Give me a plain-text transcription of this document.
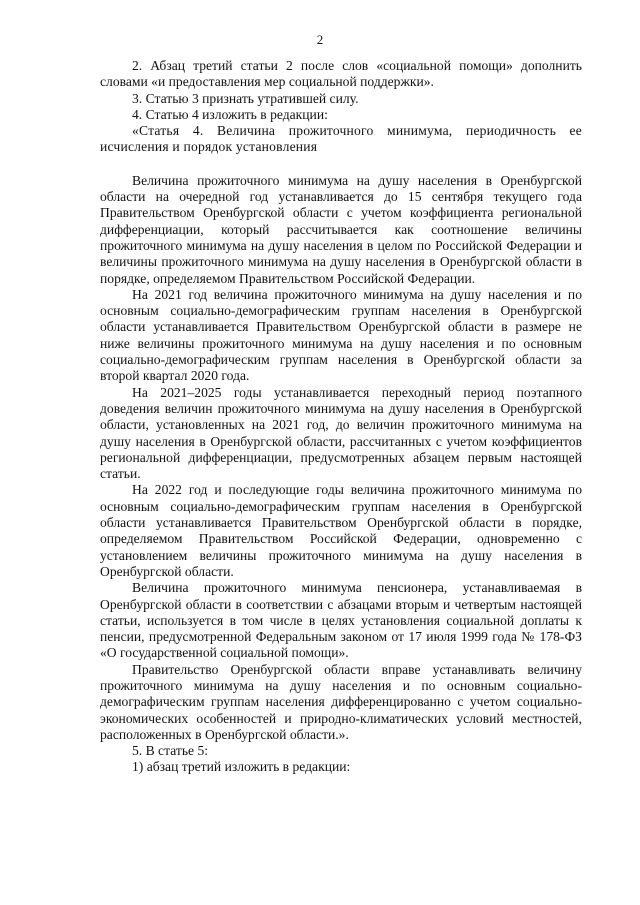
2

2. Абзац третий статьи 2 после слов «социальной помощи» дополнить словами «и предоставления мер социальной поддержки».

3. Статью 3 признать утратившей силу.

4. Статью 4 изложить в редакции:

«Статья 4. Величина прожиточного минимума, периодичность ее исчисления и порядок установления

Величина прожиточного минимума на душу населения в Оренбургской области на очередной год устанавливается до 15 сентября текущего года Правительством Оренбургской области с учетом коэффициента региональной дифференциации, который рассчитывается как соотношение величины прожиточного минимума на душу населения в целом по Российской Федерации и величины прожиточного минимума на душу населения в Оренбургской области в порядке, определяемом Правительством Российской Федерации.

На 2021 год величина прожиточного минимума на душу населения и по основным социально-демографическим группам населения в Оренбургской области устанавливается Правительством Оренбургской области в размере не ниже величины прожиточного минимума на душу населения и по основным социально-демографическим группам населения в Оренбургской области за второй квартал 2020 года.

На 2021–2025 годы устанавливается переходный период поэтапного доведения величин прожиточного минимума на душу населения в Оренбургской области, установленных на 2021 год, до величин прожиточного минимума на душу населения в Оренбургской области, рассчитанных с учетом коэффициентов региональной дифференциации, предусмотренных абзацем первым настоящей статьи.

На 2022 год и последующие годы величина прожиточного минимума по основным социально-демографическим группам населения в Оренбургской области устанавливается Правительством Оренбургской области в порядке, определяемом Правительством Российской Федерации, одновременно с установлением величины прожиточного минимума на душу населения в Оренбургской области.

Величина прожиточного минимума пенсионера, устанавливаемая в Оренбургской области в соответствии с абзацами вторым и четвертым настоящей статьи, используется в том числе в целях установления социальной доплаты к пенсии, предусмотренной Федеральным законом от 17 июля 1999 года № 178-ФЗ «О государственной социальной помощи».

Правительство Оренбургской области вправе устанавливать величину прожиточного минимума на душу населения и по основным социально-демографическим группам населения дифференцированно с учетом социально-экономических особенностей и природно-климатических условий местностей, расположенных в Оренбургской области.».

5. В статье 5:

1) абзац третий изложить в редакции:
